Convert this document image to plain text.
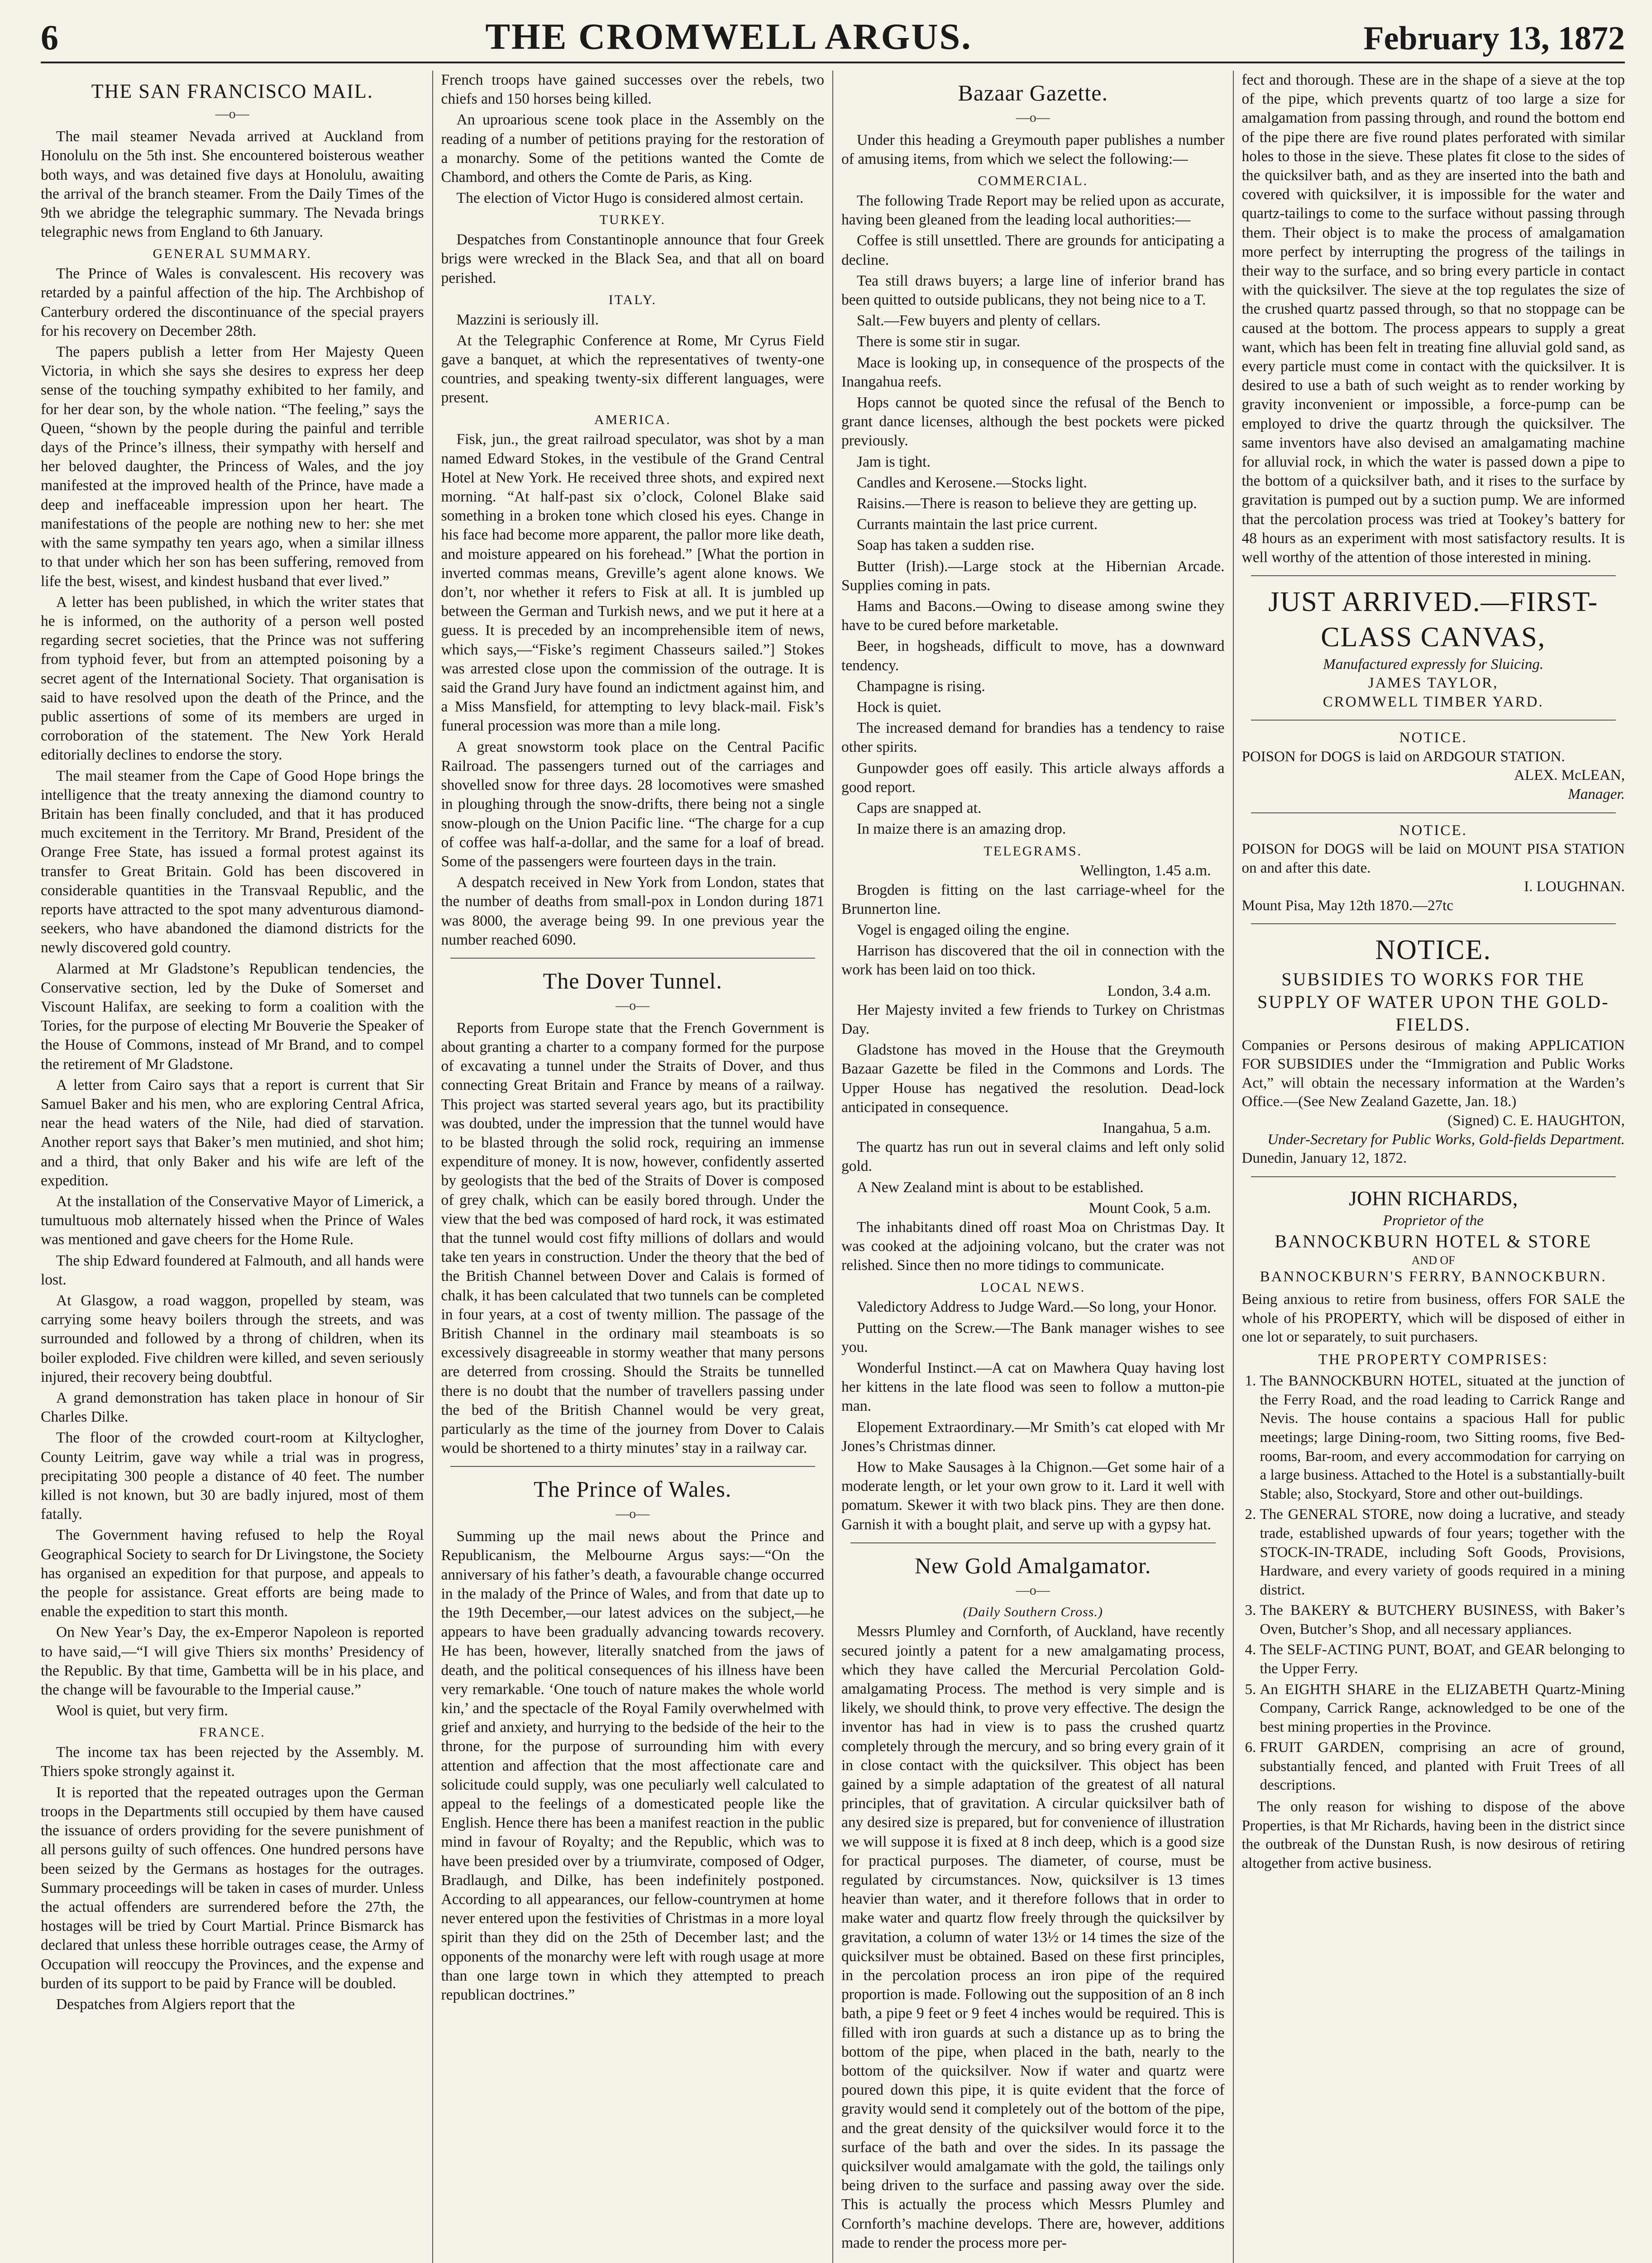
6	THE CROMWELL ARGUS.	February 13, 1872
THE SAN FRANCISCO MAIL.
—o—

The mail steamer Nevada arrived at Auckland from Honolulu on the 5th inst. She encountered boisterous weather both ways, and was detained five days at Honolulu, awaiting the arrival of the branch steamer. From the Daily Times of the 9th we abridge the telegraphic summary. The Nevada brings telegraphic news from England to 6th January.

GENERAL SUMMARY.

The Prince of Wales is convalescent. His recovery was retarded by a painful affection of the hip. The Archbishop of Canterbury ordered the discontinuance of the special prayers for his recovery on December 28th.

The papers publish a letter from Her Majesty Queen Victoria, in which she says she desires to express her deep sense of the touching sympathy exhibited to her family, and for her dear son, by the whole nation. “The feeling,” says the Queen, “shown by the people during the painful and terrible days of the Prince’s illness, their sympathy with herself and her beloved daughter, the Princess of Wales, and the joy manifested at the improved health of the Prince, have made a deep and ineffaceable impression upon her heart. The manifestations of the people are nothing new to her: she met with the same sympathy ten years ago, when a similar illness to that under which her son has been suffering, removed from life the best, wisest, and kindest husband that ever lived.”

A letter has been published, in which the writer states that he is informed, on the authority of a person well posted regarding secret societies, that the Prince was not suffering from typhoid fever, but from an attempted poisoning by a secret agent of the International Society. That organisation is said to have resolved upon the death of the Prince, and the public assertions of some of its members are urged in corroboration of the statement. The New York Herald editorially declines to endorse the story.

The mail steamer from the Cape of Good Hope brings the intelligence that the treaty annexing the diamond country to Britain has been finally concluded, and that it has produced much excitement in the Territory. Mr Brand, President of the Orange Free State, has issued a formal protest against its transfer to Great Britain. Gold has been discovered in considerable quantities in the Transvaal Republic, and the reports have attracted to the spot many adventurous diamond-seekers, who have abandoned the diamond districts for the newly discovered gold country.

Alarmed at Mr Gladstone’s Republican tendencies, the Conservative section, led by the Duke of Somerset and Viscount Halifax, are seeking to form a coalition with the Tories, for the purpose of electing Mr Bouverie the Speaker of the House of Commons, instead of Mr Brand, and to compel the retirement of Mr Gladstone.

A letter from Cairo says that a report is current that Sir Samuel Baker and his men, who are exploring Central Africa, near the head waters of the Nile, had died of starvation. Another report says that Baker’s men mutinied, and shot him; and a third, that only Baker and his wife are left of the expedition.

At the installation of the Conservative Mayor of Limerick, a tumultuous mob alternately hissed when the Prince of Wales was mentioned and gave cheers for the Home Rule.

The ship Edward foundered at Falmouth, and all hands were lost.

At Glasgow, a road waggon, propelled by steam, was carrying some heavy boilers through the streets, and was surrounded and followed by a throng of children, when its boiler exploded. Five children were killed, and seven seriously injured, their recovery being doubtful.

A grand demonstration has taken place in honour of Sir Charles Dilke.

The floor of the crowded court-room at Kiltyclogher, County Leitrim, gave way while a trial was in progress, precipitating 300 people a distance of 40 feet. The number killed is not known, but 30 are badly injured, most of them fatally.

The Government having refused to help the Royal Geographical Society to search for Dr Livingstone, the Society has organised an expedition for that purpose, and appeals to the people for assistance. Great efforts are being made to enable the expedition to start this month.

On New Year’s Day, the ex-Emperor Napoleon is reported to have said,—“I will give Thiers six months’ Presidency of the Republic. By that time, Gambetta will be in his place, and the change will be favourable to the Imperial cause.”

Wool is quiet, but very firm.

FRANCE.

The income tax has been rejected by the Assembly. M. Thiers spoke strongly against it.

It is reported that the repeated outrages upon the German troops in the Departments still occupied by them have caused the issuance of orders providing for the severe punishment of all persons guilty of such offences. One hundred persons have been seized by the Germans as hostages for the outrages. Summary proceedings will be taken in cases of murder. Unless the actual offenders are surrendered before the 27th, the hostages will be tried by Court Martial. Prince Bismarck has declared that unless these horrible outrages cease, the Army of Occupation will reoccupy the Provinces, and the expense and burden of its support to be paid by France will be doubled.

Despatches from Algiers report that the

French troops have gained successes over the rebels, two chiefs and 150 horses being killed.

An uproarious scene took place in the Assembly on the reading of a number of petitions praying for the restoration of a monarchy. Some of the petitions wanted the Comte de Chambord, and others the Comte de Paris, as King.

The election of Victor Hugo is considered almost certain.

TURKEY.

Despatches from Constantinople announce that four Greek brigs were wrecked in the Black Sea, and that all on board perished.

ITALY.

Mazzini is seriously ill.

At the Telegraphic Conference at Rome, Mr Cyrus Field gave a banquet, at which the representatives of twenty-one countries, and speaking twenty-six different languages, were present.

AMERICA.

Fisk, jun., the great railroad speculator, was shot by a man named Edward Stokes, in the vestibule of the Grand Central Hotel at New York. He received three shots, and expired next morning. “At half-past six o’clock, Colonel Blake said something in a broken tone which closed his eyes. Change in his face had become more apparent, the pallor more like death, and moisture appeared on his forehead.” [What the portion in inverted commas means, Greville’s agent alone knows. We don’t, nor whether it refers to Fisk at all. It is jumbled up between the German and Turkish news, and we put it here at a guess. It is preceded by an incomprehensible item of news, which says,—“Fiske’s regiment Chasseurs sailed.”] Stokes was arrested close upon the commission of the outrage. It is said the Grand Jury have found an indictment against him, and a Miss Mansfield, for attempting to levy black-mail. Fisk’s funeral procession was more than a mile long.

A great snowstorm took place on the Central Pacific Railroad. The passengers turned out of the carriages and shovelled snow for three days. 28 locomotives were smashed in ploughing through the snow-drifts, there being not a single snow-plough on the Union Pacific line. “The charge for a cup of coffee was half-a-dollar, and the same for a loaf of bread. Some of the passengers were fourteen days in the train.

A despatch received in New York from London, states that the number of deaths from small-pox in London during 1871 was 8000, the average being 99. In one previous year the number reached 6090.

The Dover Tunnel.
—o—

Reports from Europe state that the French Government is about granting a charter to a company formed for the purpose of excavating a tunnel under the Straits of Dover, and thus connecting Great Britain and France by means of a railway. This project was started several years ago, but its practibility was doubted, under the impression that the tunnel would have to be blasted through the solid rock, requiring an immense expenditure of money. It is now, however, confidently asserted by geologists that the bed of the Straits of Dover is composed of grey chalk, which can be easily bored through. Under the view that the bed was composed of hard rock, it was estimated that the tunnel would cost fifty millions of dollars and would take ten years in construction. Under the theory that the bed of the British Channel between Dover and Calais is formed of chalk, it has been calculated that two tunnels can be completed in four years, at a cost of twenty million. The passage of the British Channel in the ordinary mail steamboats is so excessively disagreeable in stormy weather that many persons are deterred from crossing. Should the Straits be tunnelled there is no doubt that the number of travellers passing under the bed of the British Channel would be very great, particularly as the time of the journey from Dover to Calais would be shortened to a thirty minutes’ stay in a railway car.

The Prince of Wales.
—o—

Summing up the mail news about the Prince and Republicanism, the Melbourne Argus says:—“On the anniversary of his father’s death, a favourable change occurred in the malady of the Prince of Wales, and from that date up to the 19th December,—our latest advices on the subject,—he appears to have been gradually advancing towards recovery. He has been, however, literally snatched from the jaws of death, and the political consequences of his illness have been very remarkable. ‘One touch of nature makes the whole world kin,’ and the spectacle of the Royal Family overwhelmed with grief and anxiety, and hurrying to the bedside of the heir to the throne, for the purpose of surrounding him with every attention and affection that the most affectionate care and solicitude could supply, was one peculiarly well calculated to appeal to the feelings of a domesticated people like the English. Hence there has been a manifest reaction in the public mind in favour of Royalty; and the Republic, which was to have been presided over by a triumvirate, composed of Odger, Bradlaugh, and Dilke, has been indefinitely postponed. According to all appearances, our fellow-countrymen at home never entered upon the festivities of Christmas in a more loyal spirit than they did on the 25th of December last; and the opponents of the monarchy were left with rough usage at more than one large town in which they attempted to preach republican doctrines.”

Bazaar Gazette.
—o—

Under this heading a Greymouth paper publishes a number of amusing items, from which we select the following:—

COMMERCIAL.

The following Trade Report may be relied upon as accurate, having been gleaned from the leading local authorities:—

Coffee is still unsettled. There are grounds for anticipating a decline.

Tea still draws buyers; a large line of inferior brand has been quitted to outside publicans, they not being nice to a T.

Salt.—Few buyers and plenty of cellars.

There is some stir in sugar.

Mace is looking up, in consequence of the prospects of the Inangahua reefs.

Hops cannot be quoted since the refusal of the Bench to grant dance licenses, although the best pockets were picked previously.

Jam is tight.

Candles and Kerosene.—Stocks light.

Raisins.—There is reason to believe they are getting up.

Currants maintain the last price current.

Soap has taken a sudden rise.

Butter (Irish).—Large stock at the Hibernian Arcade. Supplies coming in pats.

Hams and Bacons.—Owing to disease among swine they have to be cured before marketable.

Beer, in hogsheads, difficult to move, has a downward tendency.

Champagne is rising.

Hock is quiet.

The increased demand for brandies has a tendency to raise other spirits.

Gunpowder goes off easily. This article always affords a good report.

Caps are snapped at.

In maize there is an amazing drop.

TELEGRAMS.
Wellington, 1.45 a.m.

Brogden is fitting on the last carriage-wheel for the Brunnerton line.

Vogel is engaged oiling the engine.

Harrison has discovered that the oil in connection with the work has been laid on too thick.

London, 3.4 a.m.

Her Majesty invited a few friends to Turkey on Christmas Day.

Gladstone has moved in the House that the Greymouth Bazaar Gazette be filed in the Commons and Lords. The Upper House has negatived the resolution. Dead-lock anticipated in consequence.

Inangahua, 5 a.m.

The quartz has run out in several claims and left only solid gold.

A New Zealand mint is about to be established.

Mount Cook, 5 a.m.

The inhabitants dined off roast Moa on Christmas Day. It was cooked at the adjoining volcano, but the crater was not relished. Since then no more tidings to communicate.

LOCAL NEWS.

Valedictory Address to Judge Ward.—So long, your Honor.

Putting on the Screw.—The Bank manager wishes to see you.

Wonderful Instinct.—A cat on Mawhera Quay having lost her kittens in the late flood was seen to follow a mutton-pie man.

Elopement Extraordinary.—Mr Smith’s cat eloped with Mr Jones’s Christmas dinner.

How to Make Sausages à la Chignon.—Get some hair of a moderate length, or let your own grow to it. Lard it well with pomatum. Skewer it with two black pins. They are then done. Garnish it with a bought plait, and serve up with a gypsy hat.

New Gold Amalgamator.
—o—
(Daily Southern Cross.)

Messrs Plumley and Cornforth, of Auckland, have recently secured jointly a patent for a new amalgamating process, which they have called the Mercurial Percolation Gold-amalgamating Process. The method is very simple and is likely, we should think, to prove very effective. The design the inventor has had in view is to pass the crushed quartz completely through the mercury, and so bring every grain of it in close contact with the quicksilver. This object has been gained by a simple adaptation of the greatest of all natural principles, that of gravitation. A circular quicksilver bath of any desired size is prepared, but for convenience of illustration we will suppose it is fixed at 8 inch deep, which is a good size for practical purposes. The diameter, of course, must be regulated by circumstances. Now, quicksilver is 13 times heavier than water, and it therefore follows that in order to make water and quartz flow freely through the quicksilver by gravitation, a column of water 13½ or 14 times the size of the quicksilver must be obtained. Based on these first principles, in the percolation process an iron pipe of the required proportion is made. Following out the supposition of an 8 inch bath, a pipe 9 feet or 9 feet 4 inches would be required. This is filled with iron guards at such a distance up as to bring the bottom of the pipe, when placed in the bath, nearly to the bottom of the quicksilver. Now if water and quartz were poured down this pipe, it is quite evident that the force of gravity would send it completely out of the bottom of the pipe, and the great density of the quicksilver would force it to the surface of the bath and over the sides. In its passage the quicksilver would amalgamate with the gold, the tailings only being driven to the surface and passing away over the side. This is actually the process which Messrs Plumley and Cornforth’s machine develops. There are, however, additions made to render the process more per-

fect and thorough. These are in the shape of a sieve at the top of the pipe, which prevents quartz of too large a size for amalgamation from passing through, and round the bottom end of the pipe there are five round plates perforated with similar holes to those in the sieve. These plates fit close to the sides of the quicksilver bath, and as they are inserted into the bath and covered with quicksilver, it is impossible for the water and quartz-tailings to come to the surface without passing through them. Their object is to make the process of amalgamation more perfect by interrupting the progress of the tailings in their way to the surface, and so bring every particle in contact with the quicksilver. The sieve at the top regulates the size of the crushed quartz passed through, so that no stoppage can be caused at the bottom. The process appears to supply a great want, which has been felt in treating fine alluvial gold sand, as every particle must come in contact with the quicksilver. It is desired to use a bath of such weight as to render working by gravity inconvenient or impossible, a force-pump can be employed to drive the quartz through the quicksilver. The same inventors have also devised an amalgamating machine for alluvial rock, in which the water is passed down a pipe to the bottom of a quicksilver bath, and it rises to the surface by gravitation is pumped out by a suction pump. We are informed that the percolation process was tried at Tookey’s battery for 48 hours as an experiment with most satisfactory results. It is well worthy of the attention of those interested in mining.

JUST ARRIVED.—FIRST-CLASS CANVAS,
Manufactured expressly for Sluicing.
JAMES TAYLOR,
CROMWELL TIMBER YARD.
NOTICE.
POISON for DOGS is laid on ARDGOUR STATION.
ALEX. McLEAN,
Manager.
NOTICE.
POISON for DOGS will be laid on MOUNT PISA STATION on and after this date.
I. LOUGHNAN.
Mount Pisa, May 12th 1870.—27tc
NOTICE.
SUBSIDIES TO WORKS FOR THE SUPPLY OF WATER UPON THE GOLD-FIELDS.
Companies or Persons desirous of making APPLICATION FOR SUBSIDIES under the “Immigration and Public Works Act,” will obtain the necessary information at the Warden’s Office.—(See New Zealand Gazette, Jan. 18.)
(Signed) C. E. HAUGHTON,
Under-Secretary for Public Works, Gold-fields Department.
Dunedin, January 12, 1872.
JOHN RICHARDS,
Proprietor of the
BANNOCKBURN HOTEL & STORE
AND OF
BANNOCKBURN'S FERRY, BANNOCKBURN.
Being anxious to retire from business, offers FOR SALE the whole of his PROPERTY, which will be disposed of either in one lot or separately, to suit purchasers.
THE PROPERTY COMPRISES:
1. The BANNOCKBURN HOTEL, situated at the junction of the Ferry Road, and the road leading to Carrick Range and Nevis. The house contains a spacious Hall for public meetings; large Dining-room, two Sitting rooms, five Bed-rooms, Bar-room, and every accommodation for carrying on a large business. Attached to the Hotel is a substantially-built Stable; also, Stockyard, Store and other out-buildings.
2. The GENERAL STORE, now doing a lucrative, and steady trade, established upwards of four years; together with the STOCK-IN-TRADE, including Soft Goods, Provisions, Hardware, and every variety of goods required in a mining district.
3. The BAKERY & BUTCHERY BUSINESS, with Baker’s Oven, Butcher’s Shop, and all necessary appliances.
4. The SELF-ACTING PUNT, BOAT, and GEAR belonging to the Upper Ferry.
5. An EIGHTH SHARE in the ELIZABETH Quartz-Mining Company, Carrick Range, acknowledged to be one of the best mining properties in the Province.
6. FRUIT GARDEN, comprising an acre of ground, substantially fenced, and planted with Fruit Trees of all descriptions.

The only reason for wishing to dispose of the above Properties, is that Mr Richards, having been in the district since the outbreak of the Dunstan Rush, is now desirous of retiring altogether from active business.
